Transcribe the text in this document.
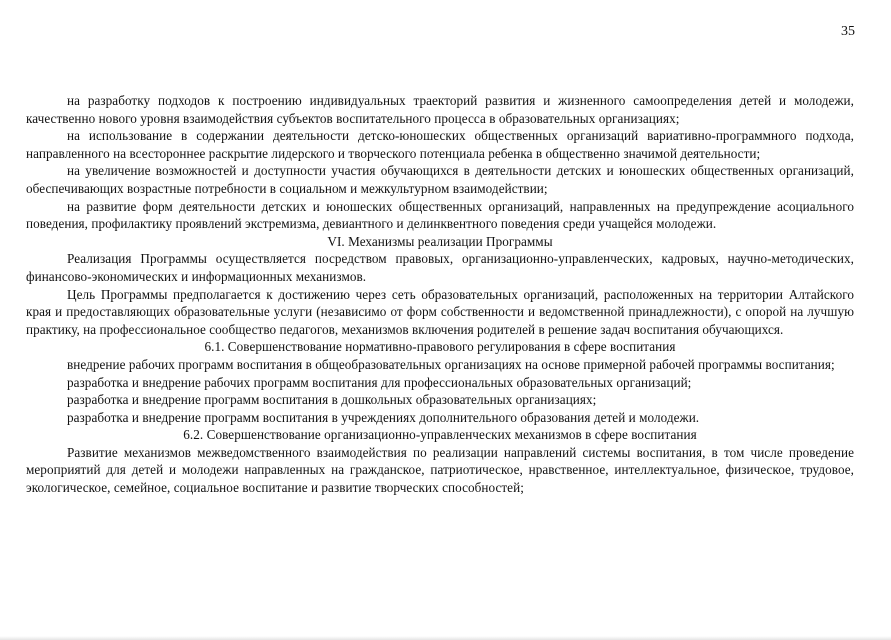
35

на разработку подходов к построению индивидуальных траекторий развития и жизненного самоопределения детей и молодежи, качественно нового уровня взаимодействия субъектов воспитательного процесса в образовательных организациях;

на использование в содержании деятельности детско-юношеских общественных организаций вариативно-программного подхода, направленного на всестороннее раскрытие лидерского и творческого потенциала ребенка в общественно значимой деятельности;

на увеличение возможностей и доступности участия обучающихся в деятельности детских и юношеских общественных организаций, обеспечивающих возрастные потребности в социальном и межкультурном взаимодействии;

на развитие форм деятельности детских и юношеских общественных организаций, направленных на предупреждение асоциального поведения, профилактику проявлений экстремизма, девиантного и делинквентного поведения среди учащейся молодежи.

VI. Механизмы реализации Программы

Реализация Программы осуществляется посредством правовых, организационно-управленческих, кадровых, научно-методических, финансово-экономических и информационных механизмов.

Цель Программы предполагается к достижению через сеть образовательных организаций, расположенных на территории Алтайского края и предоставляющих образовательные услуги (независимо от форм собственности и ведомственной принадлежности), с опорой на лучшую практику, на профессиональное сообщество педагогов, механизмов включения родителей в решение задач воспитания обучающихся.

6.1. Совершенствование нормативно-правового регулирования в сфере воспитания

внедрение рабочих программ воспитания в общеобразовательных организациях на основе примерной рабочей программы воспитания;

разработка и внедрение рабочих программ воспитания для профессиональных образовательных организаций;

разработка и внедрение программ воспитания в дошкольных образовательных организациях;

разработка и внедрение программ воспитания в учреждениях дополнительного образования детей и молодежи.

6.2. Совершенствование организационно-управленческих механизмов в сфере воспитания

Развитие механизмов межведомственного взаимодействия по реализации направлений системы воспитания, в том числе проведение мероприятий для детей и молодежи направленных на гражданское, патриотическое, нравственное, интеллектуальное, физическое, трудовое, экологическое, семейное, социальное воспитание и развитие творческих способностей;
